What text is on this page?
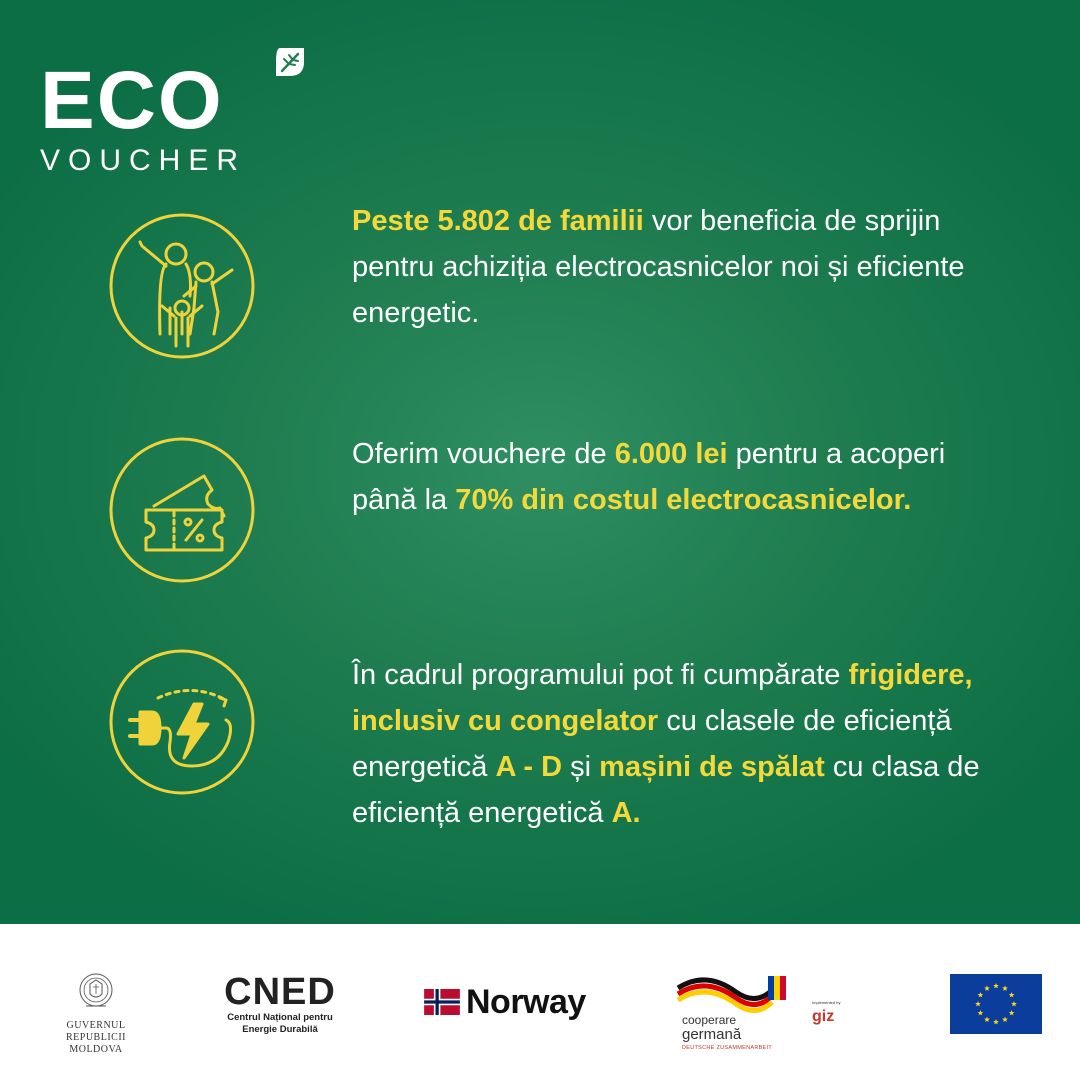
ECO
VOUCHER
Peste 5.802 de familii vor beneficia de sprijin pentru achiziția electrocasnicelor noi și eficiente energetic.
Oferim vouchere de 6.000 lei pentru a acoperi până la 70% din costul electrocasnicelor.
În cadrul programului pot fi cumpărate frigidere, inclusiv cu congelator cu clasele de eficiență energetică A - D și mașini de spălat cu clasa de eficiență energetică A.
GUVERNUL
REPUBLICII MOLDOVA
CNED
Centrul Național pentru
Energie Durabilă
Norway	cooperare
germană
DEUTSCHE ZUSAMMENARBEIT
Implemented by
giz
